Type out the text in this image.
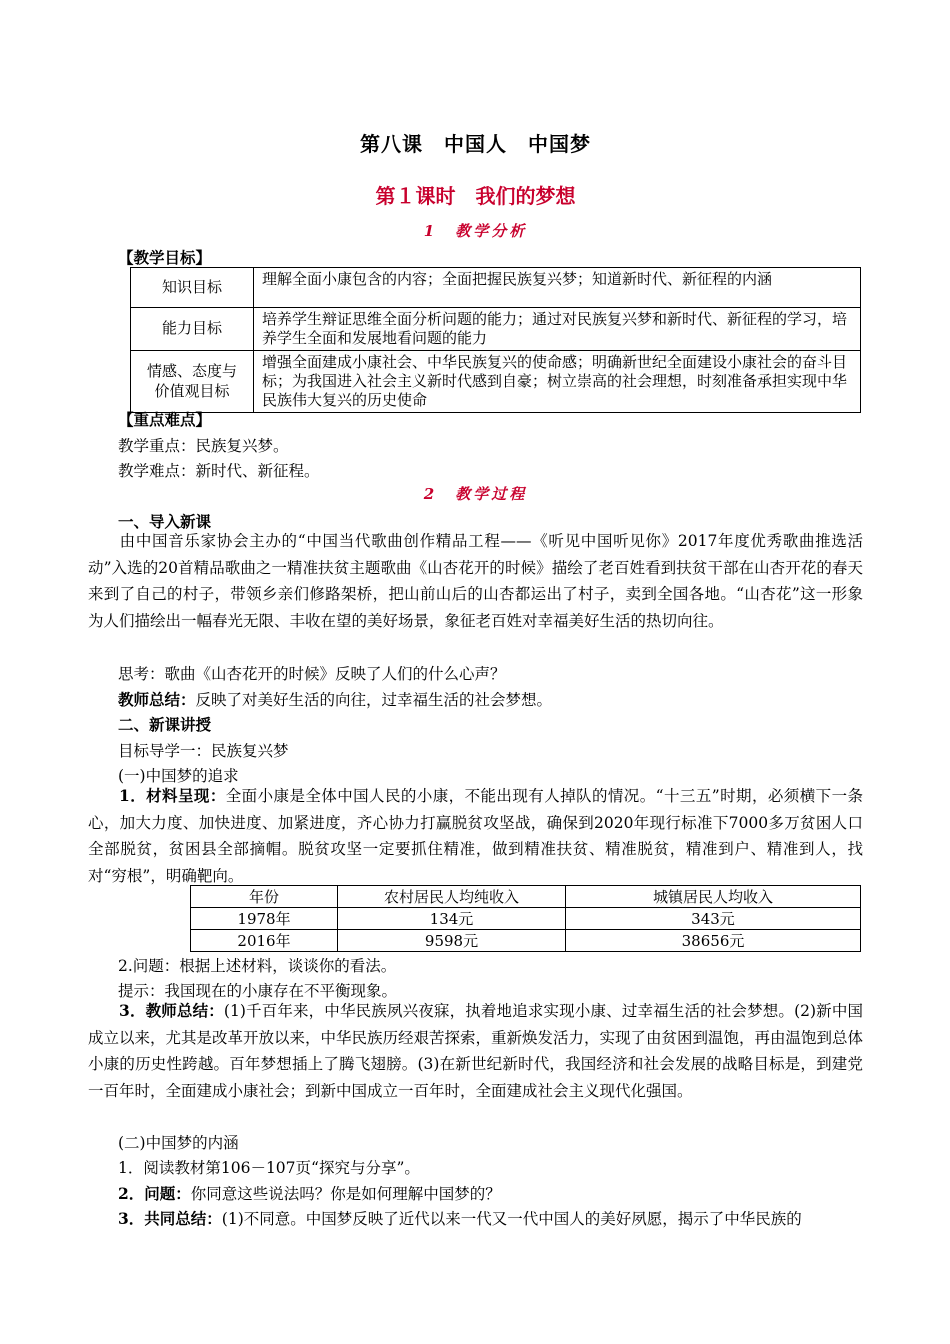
第八课　中国人　中国梦
第１课时　我们的梦想
1　教学分析
【教学目标】
知识目标	理解全面小康包含的内容；全面把握民族复兴梦；知道新时代、新征程的内涵
能力目标	培养学生辩证思维全面分析问题的能力；通过对民族复兴梦和新时代、新征程的学习，培养学生全面和发展地看问题的能力

情感、态度与
价值观目标	增强全面建成小康社会、中华民族复兴的使命感；明确新世纪全面建设小康社会的奋斗目标；为我国进入社会主义新时代感到自豪；树立崇高的社会理想，时刻准备承担实现中华民族伟大复兴的历史使命
【重点难点】
教学重点：民族复兴梦。
教学难点：新时代、新征程。
2　教学过程
一、导入新课
由中国音乐家协会主办的“中国当代歌曲创作精品工程——《听见中国听见你》2017年度优秀歌曲推选活动”入选的20首精品歌曲之一精准扶贫主题歌曲《山杏花开的时候》描绘了老百姓看到扶贫干部在山杏开花的春天来到了自己的村子，带领乡亲们修路架桥，把山前山后的山杏都运出了村子，卖到全国各地。“山杏花”这一形象为人们描绘出一幅春光无限、丰收在望的美好场景，象征老百姓对幸福美好生活的热切向往。
思考：歌曲《山杏花开的时候》反映了人们的什么心声？
教师总结：反映了对美好生活的向往，过幸福生活的社会梦想。
二、新课讲授
目标导学一：民族复兴梦
(一)中国梦的追求
1．材料呈现：全面小康是全体中国人民的小康，不能出现有人掉队的情况。“十三五”时期，必须横下一条心，加大力度、加快进度、加紧进度，齐心协力打赢脱贫攻坚战，确保到2020年现行标准下7000多万贫困人口全部脱贫，贫困县全部摘帽。脱贫攻坚一定要抓住精准，做到精准扶贫、精准脱贫，精准到户、精准到人，找对“穷根”，明确靶向。
年份	农村居民人均纯收入	城镇居民人均收入
1978年	134元	343元
2016年	9598元	38656元
2.问题：根据上述材料，谈谈你的看法。
提示：我国现在的小康存在不平衡现象。
3．教师总结：(1)千百年来，中华民族夙兴夜寐，执着地追求实现小康、过幸福生活的社会梦想。(2)新中国成立以来，尤其是改革开放以来，中华民族历经艰苦探索，重新焕发活力，实现了由贫困到温饱，再由温饱到总体小康的历史性跨越。百年梦想插上了腾飞翅膀。(3)在新世纪新时代，我国经济和社会发展的战略目标是，到建党一百年时，全面建成小康社会；到新中国成立一百年时，全面建成社会主义现代化强国。
(二)中国梦的内涵
1．阅读教材第106－107页“探究与分享”。
2．问题：你同意这些说法吗？你是如何理解中国梦的？
3．共同总结：(1)不同意。中国梦反映了近代以来一代又一代中国人的美好夙愿，揭示了中华民族的
